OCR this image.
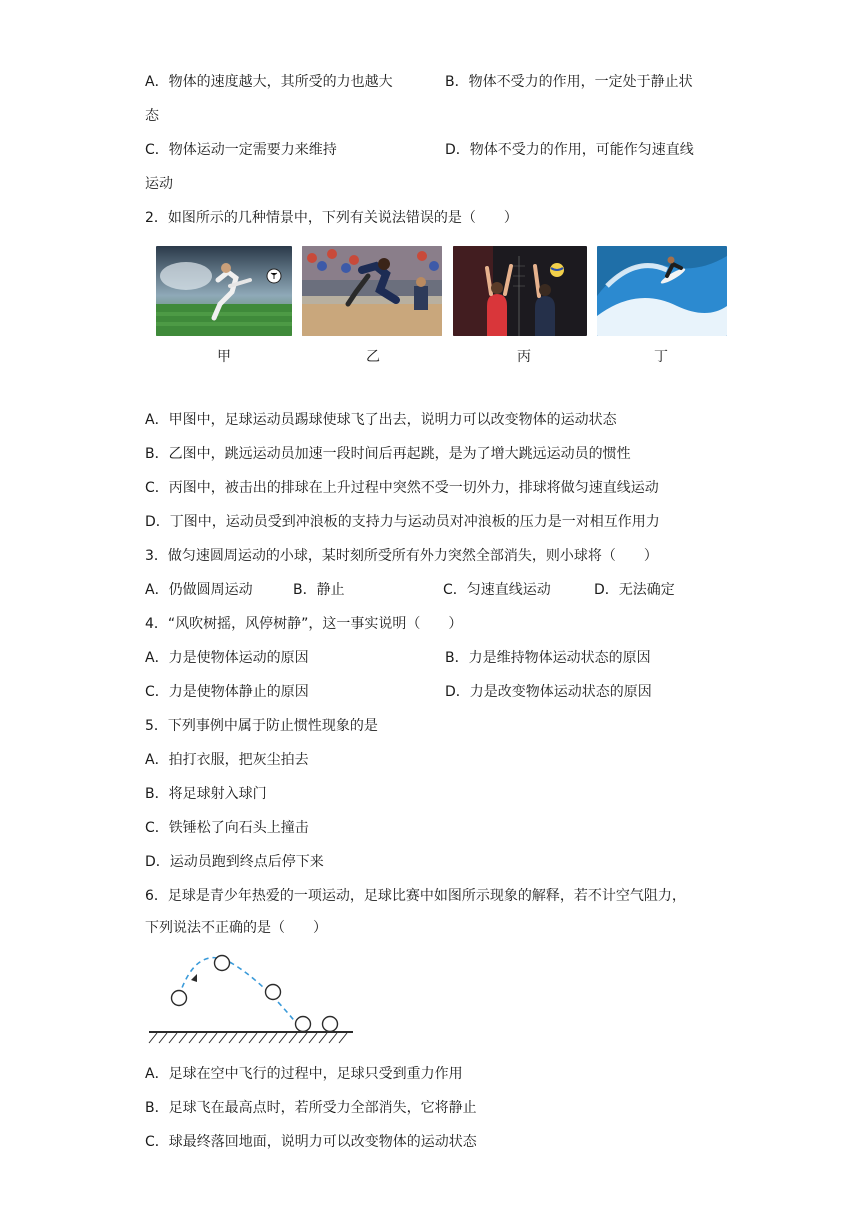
A．物体的速度越大，其所受的力也越大	B．物体不受力的作用，一定处于静止状
态
C．物体运动一定需要力来维持	D．物体不受力的作用，可能作匀速直线
运动
2．如图所示的几种情景中，下列有关说法错误的是（　　）
甲	乙	丙	丁
A．甲图中，足球运动员踢球使球飞了出去，说明力可以改变物体的运动状态
B．乙图中，跳远运动员加速一段时间后再起跳，是为了增大跳远运动员的惯性
C．丙图中，被击出的排球在上升过程中突然不受一切外力，排球将做匀速直线运动
D．丁图中，运动员受到冲浪板的支持力与运动员对冲浪板的压力是一对相互作用力
3．做匀速圆周运动的小球，某时刻所受所有外力突然全部消失，则小球将（　　）
A．仍做圆周运动	B．静止	C．匀速直线运动	D．无法确定
4．“风吹树摇，风停树静”，这一事实说明（　　）
A．力是使物体运动的原因	B．力是维持物体运动状态的原因
C．力是使物体静止的原因	D．力是改变物体运动状态的原因
5．下列事例中属于防止惯性现象的是
A．拍打衣服，把灰尘拍去
B．将足球射入球门
C．铁锤松了向石头上撞击
D．运动员跑到终点后停下来
6．足球是青少年热爱的一项运动，足球比赛中如图所示现象的解释，若不计空气阻力，
下列说法不正确的是（　　）
A．足球在空中飞行的过程中，足球只受到重力作用
B．足球飞在最高点时，若所受力全部消失，它将静止
C．球最终落回地面，说明力可以改变物体的运动状态
